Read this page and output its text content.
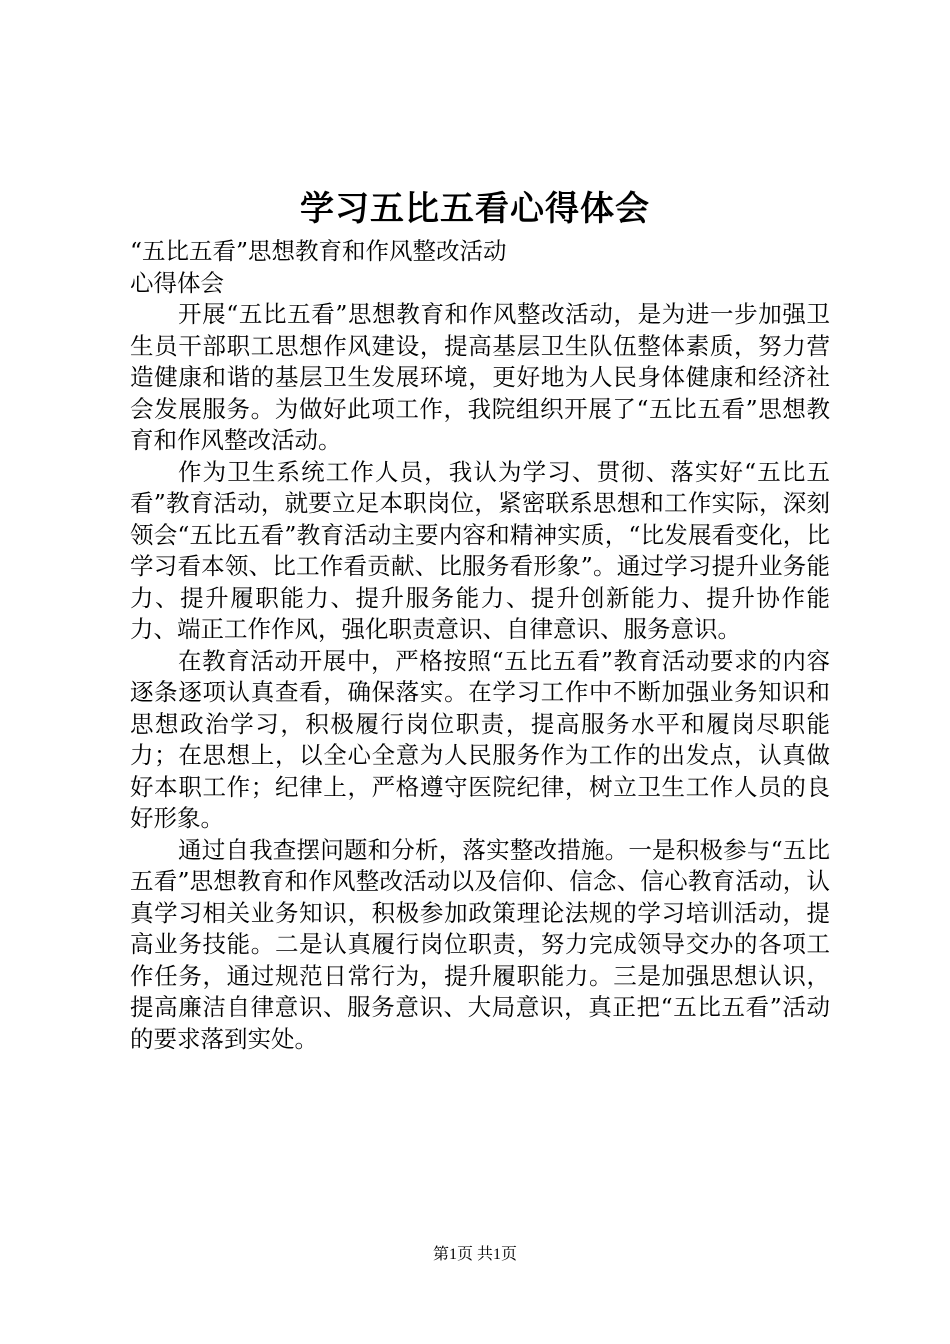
学习五比五看心得体会

“五比五看”思想教育和作风整改活动

心得体会

开展“五比五看”思想教育和作风整改活动，是为进一步加强卫生员干部职工思想作风建设，提高基层卫生队伍整体素质，努力营造健康和谐的基层卫生发展环境，更好地为人民身体健康和经济社会发展服务。为做好此项工作，我院组织开展了“五比五看”思想教育和作风整改活动。

作为卫生系统工作人员，我认为学习、贯彻、落实好“五比五看”教育活动，就要立足本职岗位，紧密联系思想和工作实际，深刻领会“五比五看”教育活动主要内容和精神实质，“比发展看变化，比学习看本领、比工作看贡献、比服务看形象”。通过学习提升业务能力、提升履职能力、提升服务能力、提升创新能力、提升协作能力、端正工作作风，强化职责意识、自律意识、服务意识。

在教育活动开展中，严格按照“五比五看”教育活动要求的内容逐条逐项认真查看，确保落实。在学习工作中不断加强业务知识和思想政治学习，积极履行岗位职责，提高服务水平和履岗尽职能力；在思想上，以全心全意为人民服务作为工作的出发点，认真做好本职工作；纪律上，严格遵守医院纪律，树立卫生工作人员的良好形象。

通过自我查摆问题和分析，落实整改措施。一是积极参与“五比五看”思想教育和作风整改活动以及信仰、信念、信心教育活动，认真学习相关业务知识，积极参加政策理论法规的学习培训活动，提高业务技能。二是认真履行岗位职责，努力完成领导交办的各项工作任务，通过规范日常行为，提升履职能力。三是加强思想认识，提高廉洁自律意识、服务意识、大局意识，真正把“五比五看”活动的要求落到实处。

第1页 共1页
